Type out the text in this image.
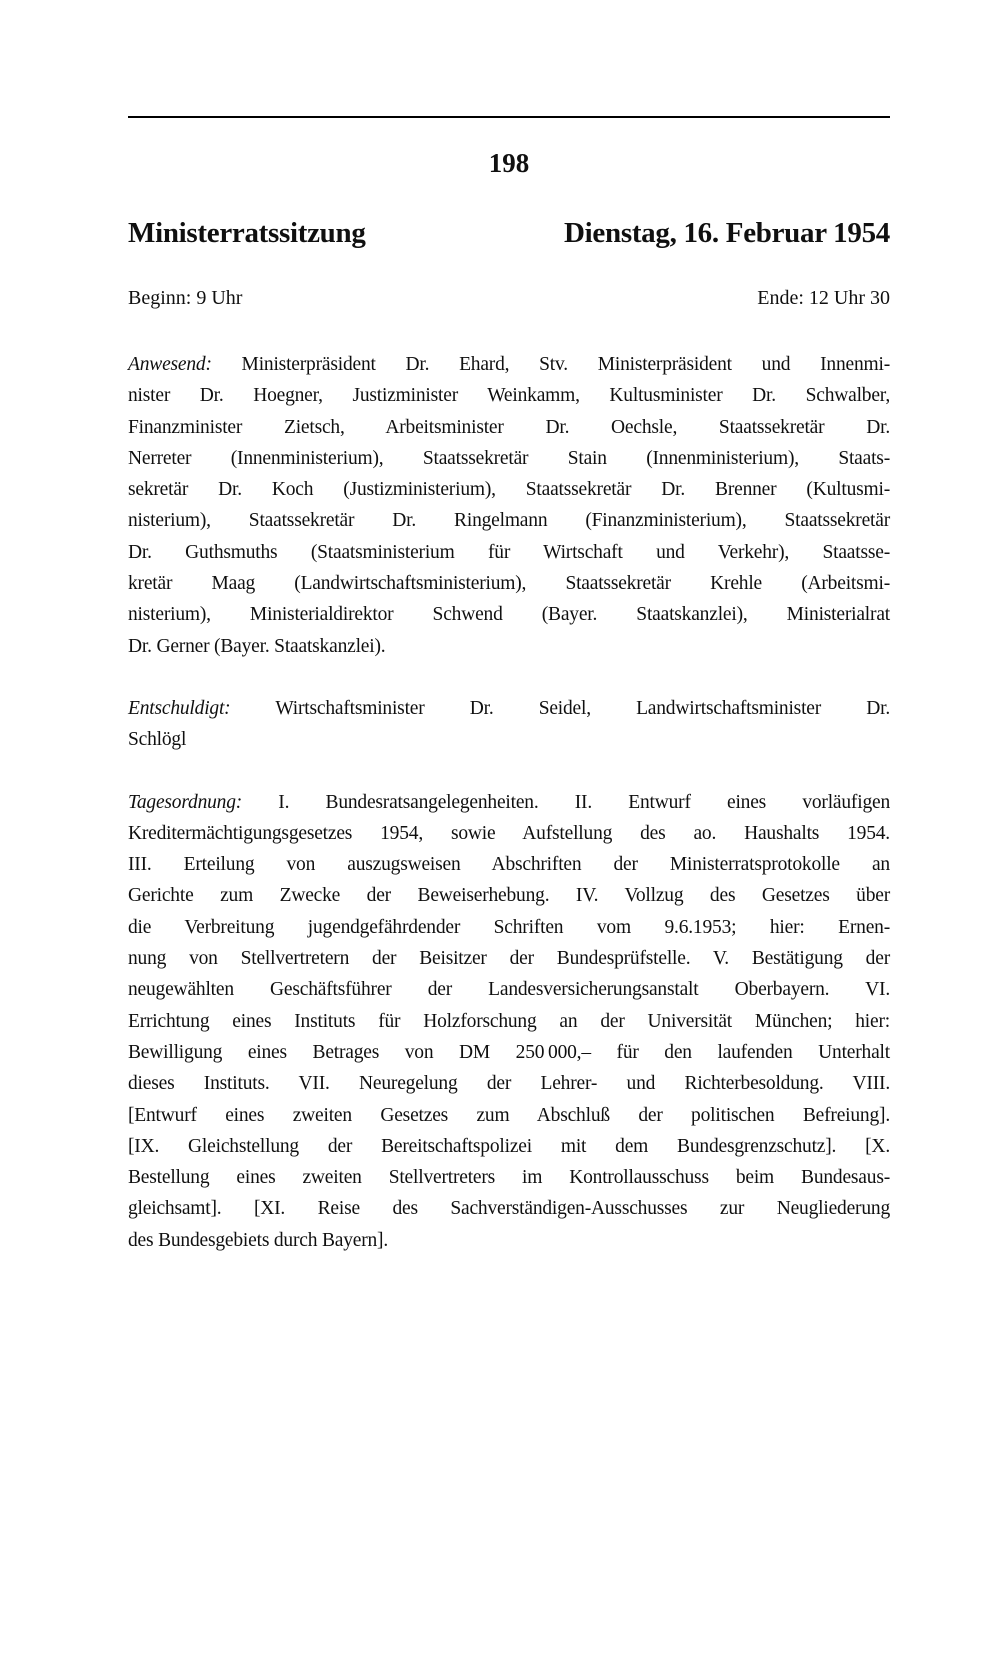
198
Ministerratssitzung	Dienstag, 16. Februar 1954
Beginn: 9 Uhr	Ende: 12 Uhr 30
Anwesend: Ministerpräsident Dr. Ehard, Stv. Ministerpräsident und Innenmi-
nister Dr. Hoegner, Justizminister Weinkamm, Kultusminister Dr. Schwalber,
Finanzminister Zietsch, Arbeitsminister Dr. Oechsle, Staatssekretär Dr.
Nerreter (Innenministerium), Staatssekretär Stain (Innenministerium), Staats-
sekretär Dr. Koch (Justizministerium), Staatssekretär Dr. Brenner (Kultusmi-
nisterium), Staatssekretär Dr. Ringelmann (Finanzministerium), Staatssekretär
Dr. Guthsmuths (Staatsministerium für Wirtschaft und Verkehr), Staatsse-
kretär Maag (Landwirtschaftsministerium), Staatssekretär Krehle (Arbeitsmi-
nisterium), Ministerialdirektor Schwend (Bayer. Staatskanzlei), Ministerialrat
Dr. Gerner (Bayer. Staatskanzlei).
Entschuldigt: Wirtschaftsminister Dr. Seidel, Landwirtschaftsminister Dr.
Schlögl
Tagesordnung: I. Bundesratsangelegenheiten. II. Entwurf eines vorläufigen
Kreditermächtigungsgesetzes 1954, sowie Aufstellung des ao. Haushalts 1954.
III. Erteilung von auszugsweisen Abschriften der Ministerratsprotokolle an
Gerichte zum Zwecke der Beweiserhebung. IV. Vollzug des Gesetzes über
die Verbreitung jugendgefährdender Schriften vom 9.6.1953; hier: Ernen-
nung von Stellvertretern der Beisitzer der Bundesprüfstelle. V. Bestätigung der
neugewählten Geschäftsführer der Landesversicherungsanstalt Oberbayern. VI.
Errichtung eines Instituts für Holzforschung an der Universität München; hier:
Bewilligung eines Betrages von DM 250 000,– für den laufenden Unterhalt
dieses Instituts. VII. Neuregelung der Lehrer- und Richterbesoldung. VIII.
[Entwurf eines zweiten Gesetzes zum Abschluß der politischen Befreiung].
[IX. Gleichstellung der Bereitschaftspolizei mit dem Bundesgrenzschutz]. [X.
Bestellung eines zweiten Stellvertreters im Kontrollausschuss beim Bundesaus-
gleichsamt]. [XI. Reise des Sachverständigen-Ausschusses zur Neugliederung
des Bundesgebiets durch Bayern].
